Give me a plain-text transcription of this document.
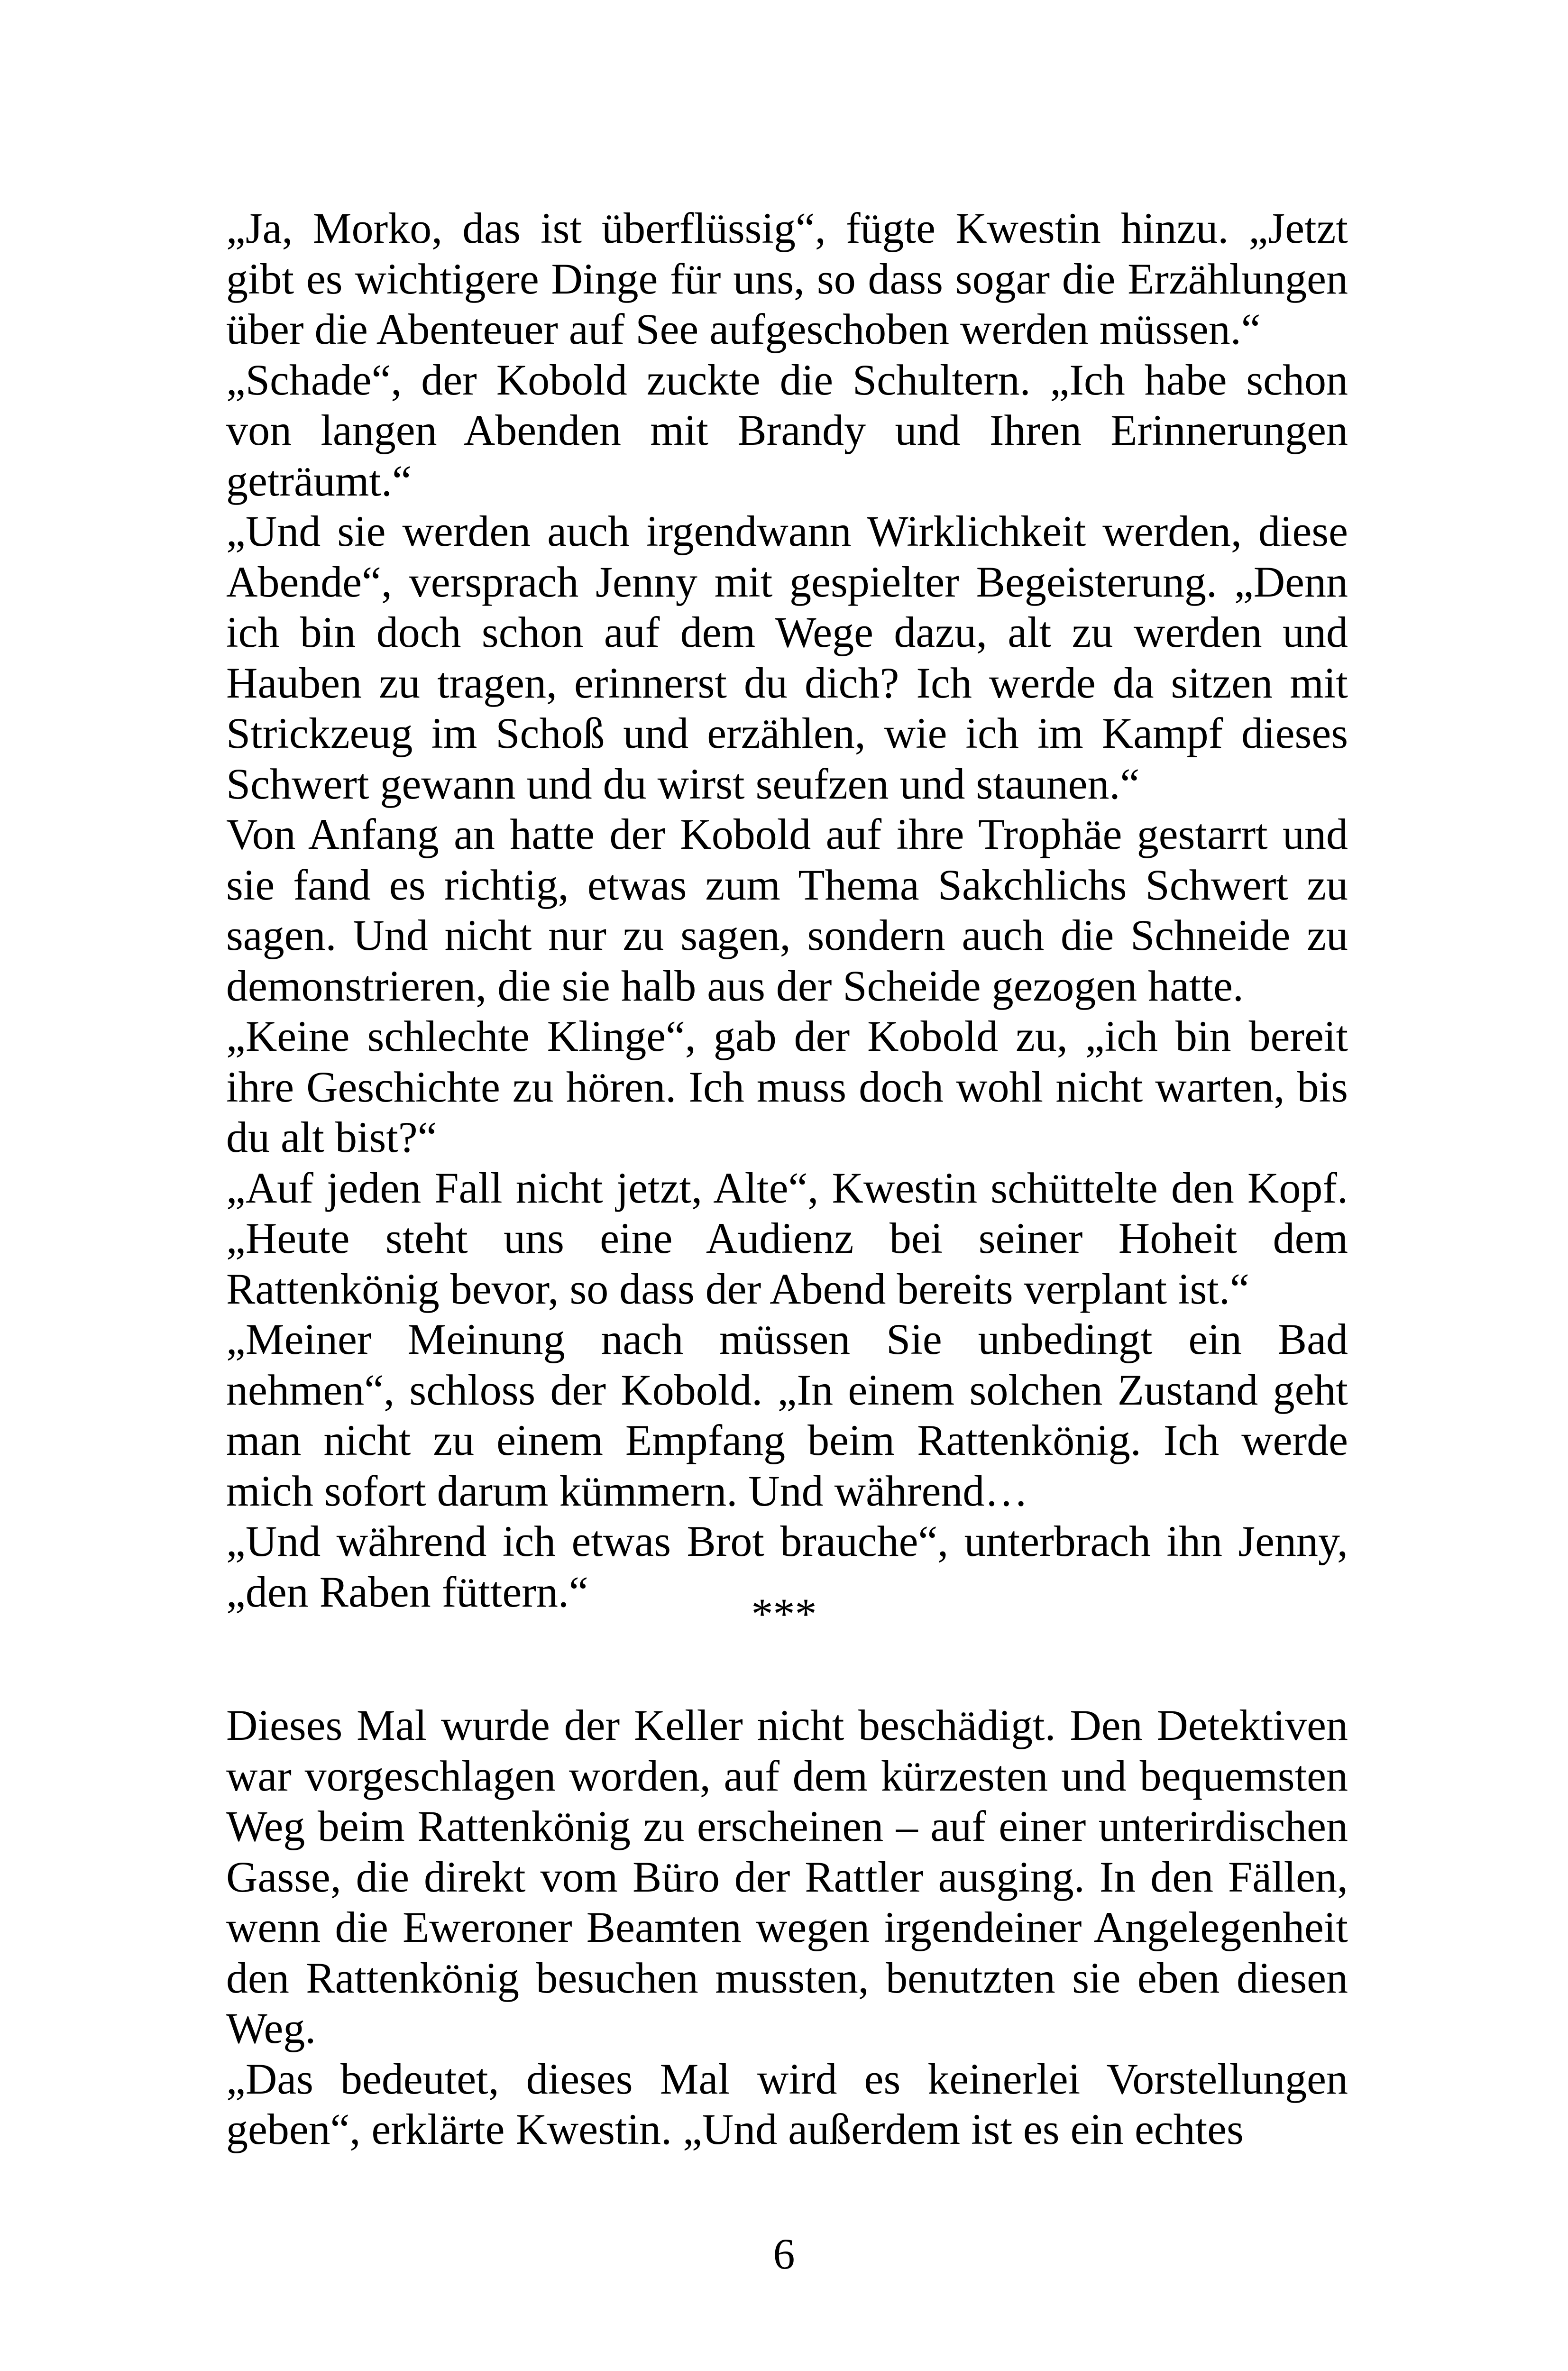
„Ja, Morko, das ist überflüssig“, fügte Kwestin hinzu. „Jetzt gibt es wichtigere Dinge für uns, so dass sogar die Erzählungen über die Abenteuer auf See aufgeschoben werden müssen.“

„Schade“, der Kobold zuckte die Schultern. „Ich habe schon von langen Abenden mit Brandy und Ihren Erinnerungen geträumt.“

„Und sie werden auch irgendwann Wirklichkeit werden, diese Abende“, versprach Jenny mit gespielter Begeisterung. „Denn ich bin doch schon auf dem Wege dazu, alt zu werden und Hauben zu tragen, erinnerst du dich? Ich werde da sitzen mit Strickzeug im Schoß und erzählen, wie ich im Kampf dieses Schwert gewann und du wirst seufzen und staunen.“

Von Anfang an hatte der Kobold auf ihre Trophäe gestarrt und sie fand es richtig, etwas zum Thema Sakchlichs Schwert zu sagen. Und nicht nur zu sagen, sondern auch die Schneide zu demonstrieren, die sie halb aus der Scheide gezogen hatte.

„Keine schlechte Klinge“, gab der Kobold zu, „ich bin bereit ihre Geschichte zu hören. Ich muss doch wohl nicht warten, bis du alt bist?“

„Auf jeden Fall nicht jetzt, Alte“, Kwestin schüttelte den Kopf. „Heute steht uns eine Audienz bei seiner Hoheit dem Rattenkönig bevor, so dass der Abend bereits verplant ist.“

„Meiner Meinung nach müssen Sie unbedingt ein Bad nehmen“, schloss der Kobold. „In einem solchen Zustand geht man nicht zu einem Empfang beim Rattenkönig. Ich werde mich sofort darum kümmern. Und während…

„Und während ich etwas Brot brauche“, unterbrach ihn Jenny, „den Raben füttern.“	***

Dieses Mal wurde der Keller nicht beschädigt. Den Detektiven war vorgeschlagen worden, auf dem kürzesten und bequemsten Weg beim Rattenkönig zu erscheinen – auf einer unterirdischen Gasse, die direkt vom Büro der Rattler ausging. In den Fällen, wenn die Eweroner Beamten wegen irgendeiner Angelegenheit den Rattenkönig besuchen mussten, benutzten sie eben diesen Weg.

„Das bedeutet, dieses Mal wird es keinerlei Vorstellungen geben“, erklärte Kwestin. „Und außerdem ist es ein echtes

6
